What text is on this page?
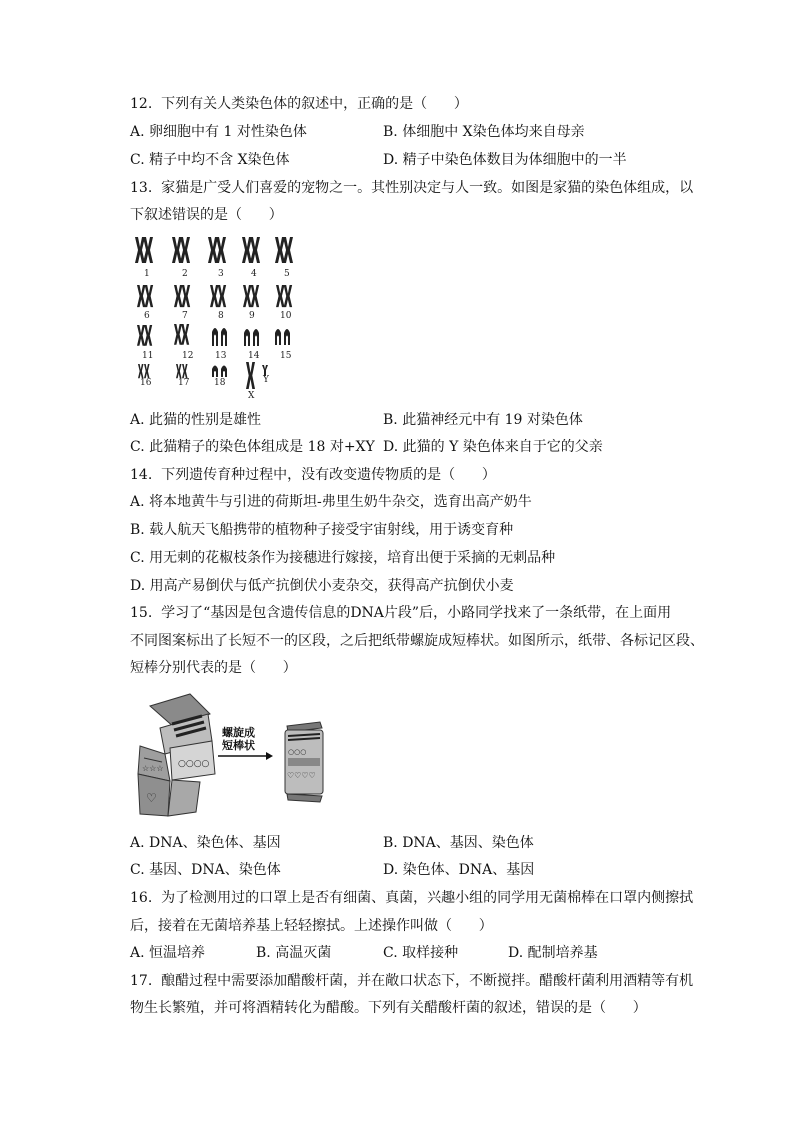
12.  下列有关人类染色体的叙述中，正确的是（      ）
A. 卵细胞中有 1 对性染色体	B. 体细胞中 X染色体均来自母亲
C. 精子中均不含 X染色体	D. 精子中染色体数目为体细胞中的一半
13.  家猫是广受人们喜爱的宠物之一。其性别决定与人一致。如图是家猫的染色体组成，以
下叙述错误的是（      ）
1	2	3	4	5
6	7	8	9	10
11	12 13 14 15
16	17	18
X
Y
A. 此猫的性别是雄性	B. 此猫神经元中有 19 对染色体
C. 此猫精子的染色体组成是 18 对+XY D. 此猫的 Y 染色体来自于它的父亲
14.  下列遗传育种过程中，没有改变遗传物质的是（      ）
A. 将本地黄牛与引进的荷斯坦-弗里生奶牛杂交，选育出高产奶牛
B. 载人航天飞船携带的植物种子接受宇宙射线，用于诱变育种
C. 用无刺的花椒枝条作为接穗进行嫁接，培育出便于采摘的无刺品种
D. 用高产易倒伏与低产抗倒伏小麦杂交，获得高产抗倒伏小麦
15.  学习了“基因是包含遗传信息的DNA片段”后，小路同学找来了一条纸带，在上面用
不同图案标出了长短不一的区段，之后把纸带螺旋成短棒状。如图所示，纸带、各标记区段、
短棒分别代表的是（      ）
○○○○
☆☆☆
♡
螺旋成
短棒状	○○○
♡♡♡♡
A. DNA、染色体、基因	B. DNA、基因、染色体
C. 基因、DNA、染色体	D. 染色体、DNA、基因
16.  为了检测用过的口罩上是否有细菌、真菌，兴趣小组的同学用无菌棉棒在口罩内侧擦拭
后，接着在无菌培养基上轻轻擦拭。上述操作叫做（      ）
A. 恒温培养	B. 高温灭菌	C. 取样接种	D. 配制培养基
17.  酿醋过程中需要添加醋酸杆菌，并在敞口状态下，不断搅拌。醋酸杆菌利用酒精等有机
物生长繁殖，并可将酒精转化为醋酸。下列有关醋酸杆菌的叙述，错误的是（      ）
